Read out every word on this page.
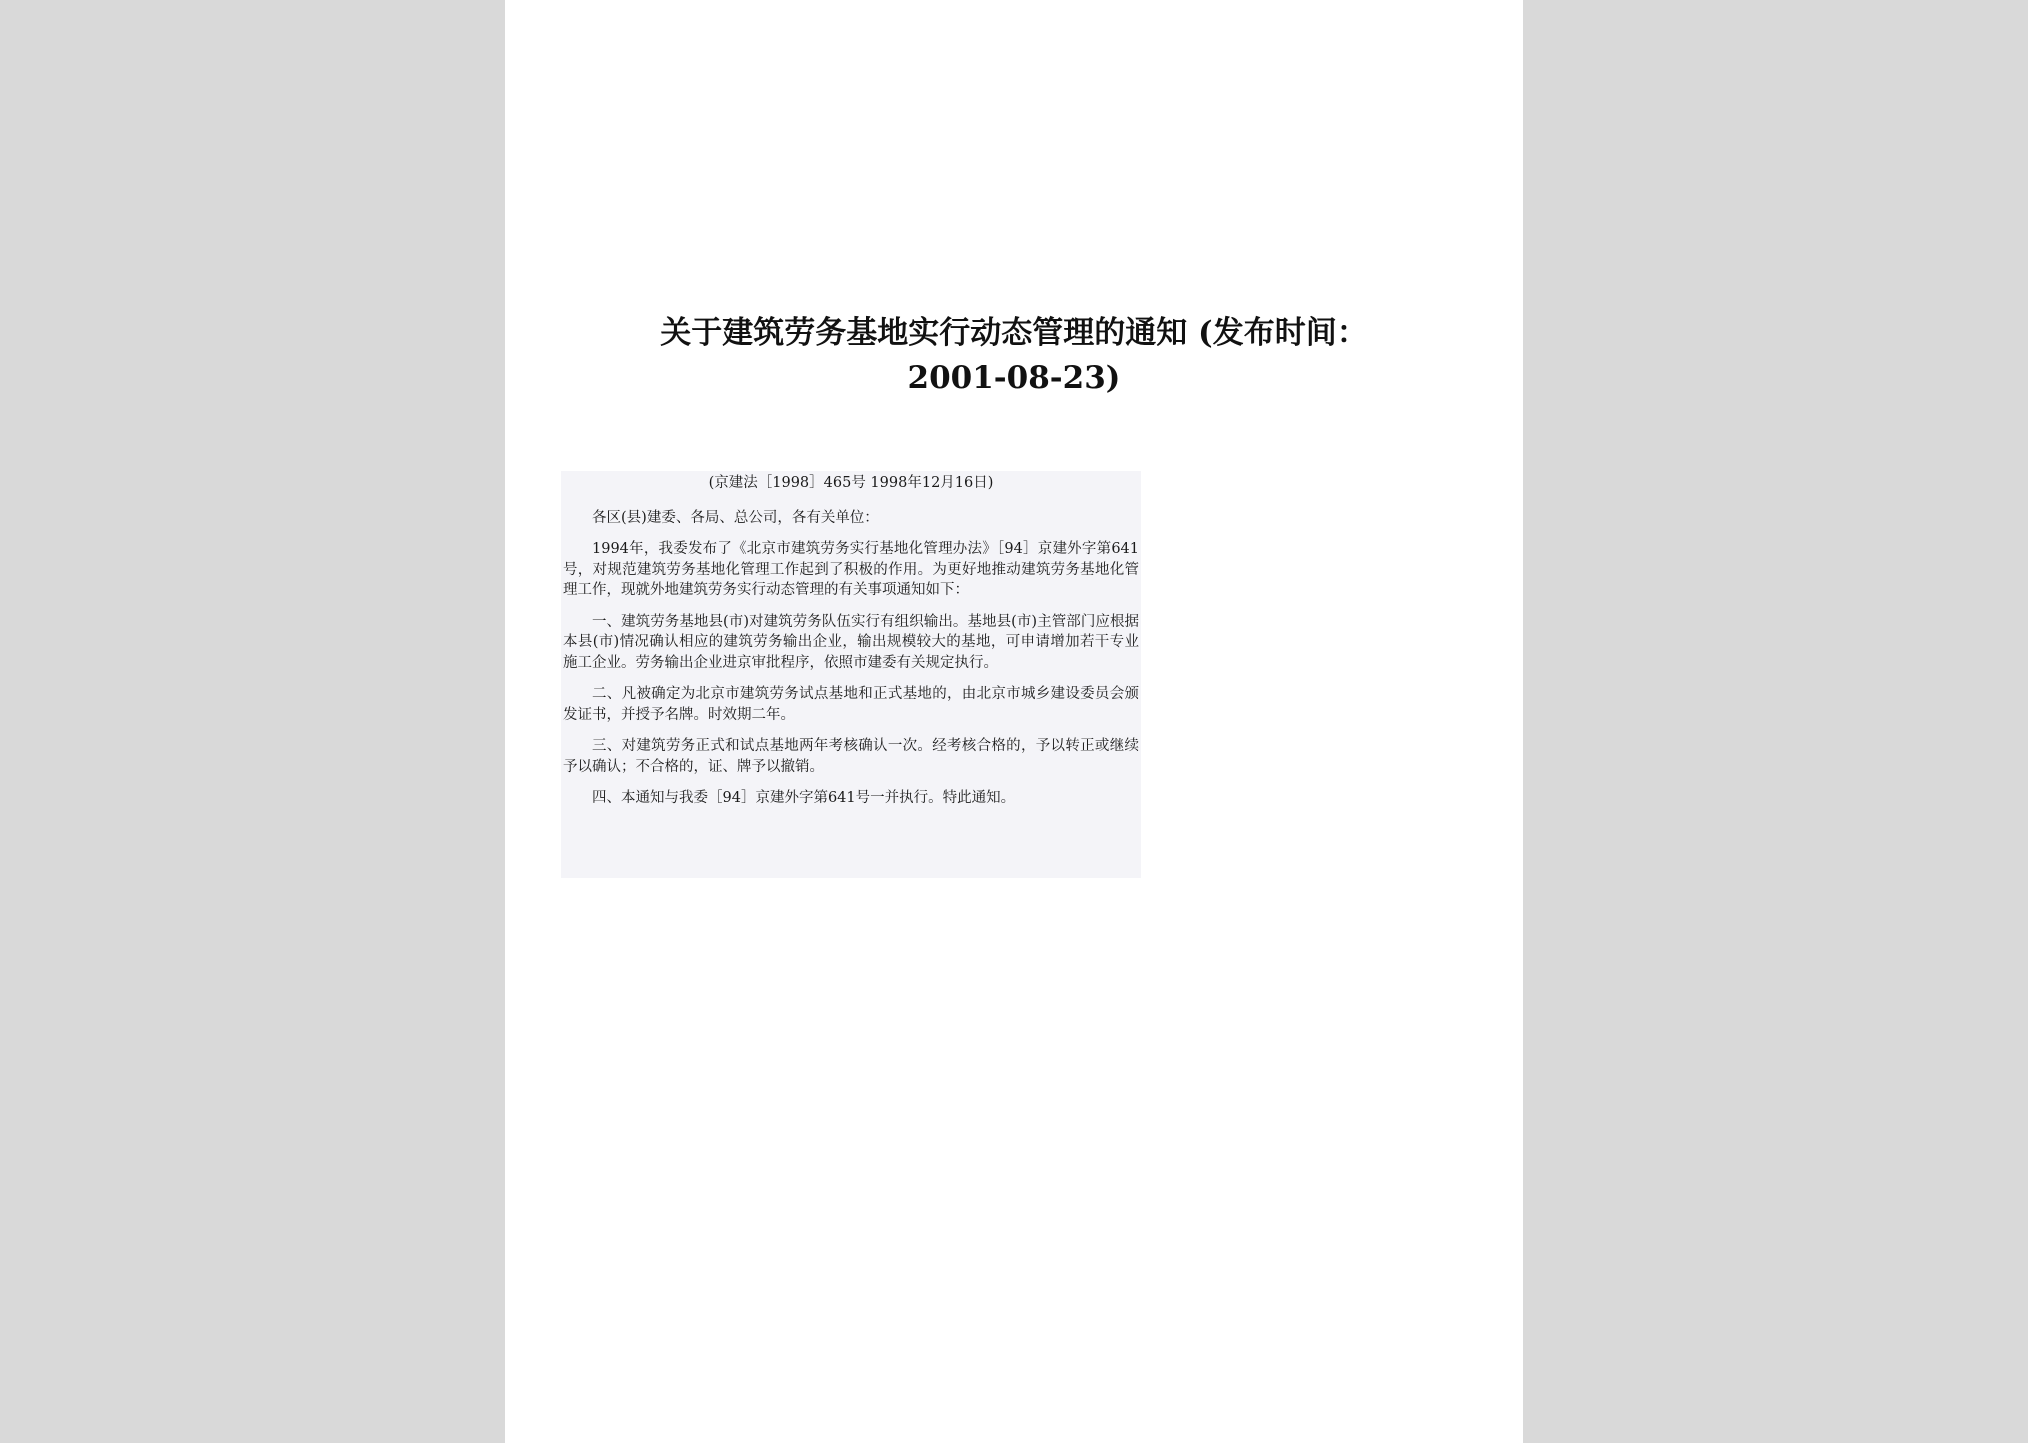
关于建筑劳务基地实行动态管理的通知 (发布时间：
2001-08-23)
(京建法［1998］465号 1998年12月16日)

各区(县)建委、各局、总公司，各有关单位：

1994年，我委发布了《北京市建筑劳务实行基地化管理办法》［94］京建外字第641号，对规范建筑劳务基地化管理工作起到了积极的作用。为更好地推动建筑劳务基地化管理工作，现就外地建筑劳务实行动态管理的有关事项通知如下：

一、建筑劳务基地县(市)对建筑劳务队伍实行有组织输出。基地县(市)主管部门应根据本县(市)情况确认相应的建筑劳务输出企业，输出规模较大的基地，可申请增加若干专业施工企业。劳务输出企业进京审批程序，依照市建委有关规定执行。

二、凡被确定为北京市建筑劳务试点基地和正式基地的，由北京市城乡建设委员会颁发证书，并授予名牌。时效期二年。

三、对建筑劳务正式和试点基地两年考核确认一次。经考核合格的，予以转正或继续予以确认；不合格的，证、牌予以撤销。

四、本通知与我委［94］京建外字第641号一并执行。特此通知。
